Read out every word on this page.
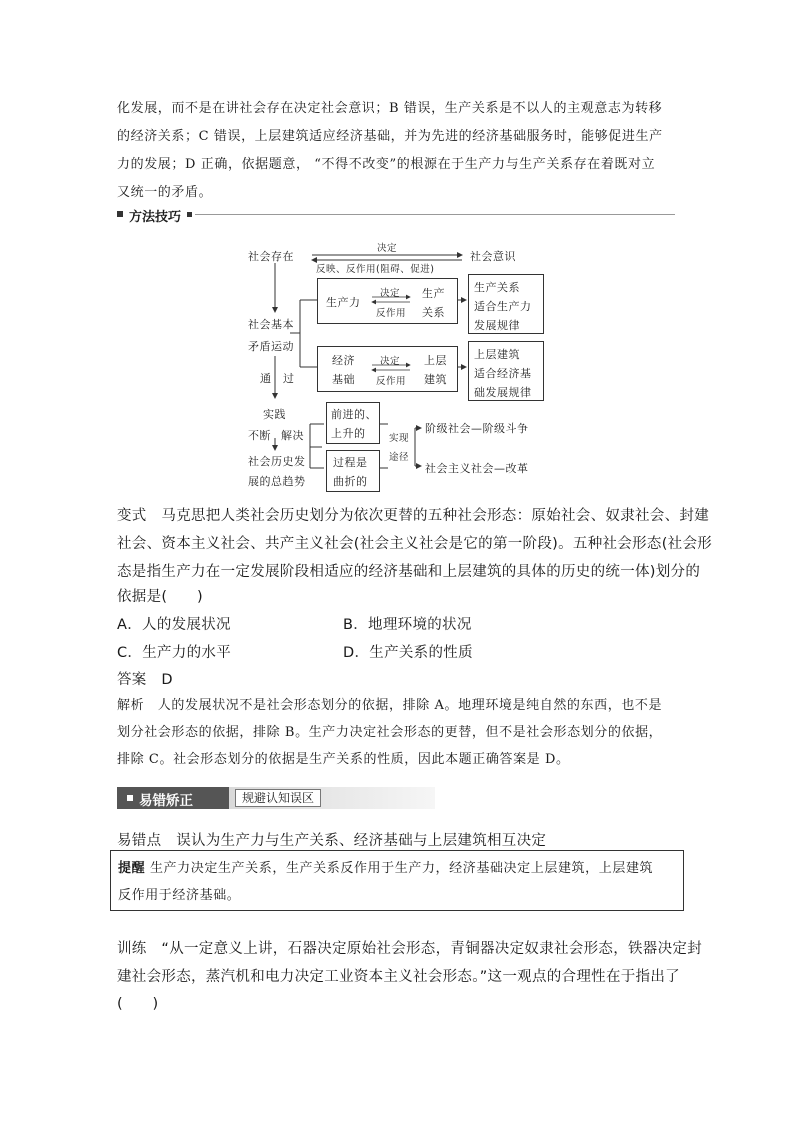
化发展，而不是在讲社会存在决定社会意识；B 错误，生产关系是不以人的主观意志为转移
的经济关系；C 错误，上层建筑适应经济基础，并为先进的经济基础服务时，能够促进生产
力的发展；D 正确，依据题意， “不得不改变”的根源在于生产力与生产关系存在着既对立
又统一的矛盾。
方法技巧
社会存在
决定
反映、反作用(阻碍、促进)
社会意识
社会基本
矛盾运动
生产力
决定
反作用
生产
关系
生产关系
适合生产力
发展规律
经济
基础
决定
反作用
上层
建筑
上层建筑
适合经济基
础发展规律
通 过
实践
不断 解决
前进的、
上升的 实现
途径
阶级社会—阶级斗争
社会主义社会—改革
社会历史发
展的总趋势
过程是
曲折的
变式　马克思把人类社会历史划分为依次更替的五种社会形态：原始社会、奴隶社会、封建
社会、资本主义社会、共产主义社会(社会主义社会是它的第一阶段)。五种社会形态(社会形
态是指生产力在一定发展阶段相适应的经济基础和上层建筑的具体的历史的统一体)划分的
依据是(　　)
A．人的发展状况	B．地理环境的状况
C．生产力的水平	D．生产关系的性质
答案　D
解析　人的发展状况不是社会形态划分的依据，排除 A。地理环境是纯自然的东西，也不是
划分社会形态的依据，排除 B。生产力决定社会形态的更替，但不是社会形态划分的依据，
排除 C。社会形态划分的依据是生产关系的性质，因此本题正确答案是 D。
易错矫正	规避认知误区
易错点　误认为生产力与生产关系、经济基础与上层建筑相互决定
提醒 生产力决定生产关系，生产关系反作用于生产力，经济基础决定上层建筑，上层建筑
反作用于经济基础。
训练　“从一定意义上讲，石器决定原始社会形态，青铜器决定奴隶社会形态，铁器决定封
建社会形态，蒸汽机和电力决定工业资本主义社会形态。”这一观点的合理性在于指出了
(　　)
